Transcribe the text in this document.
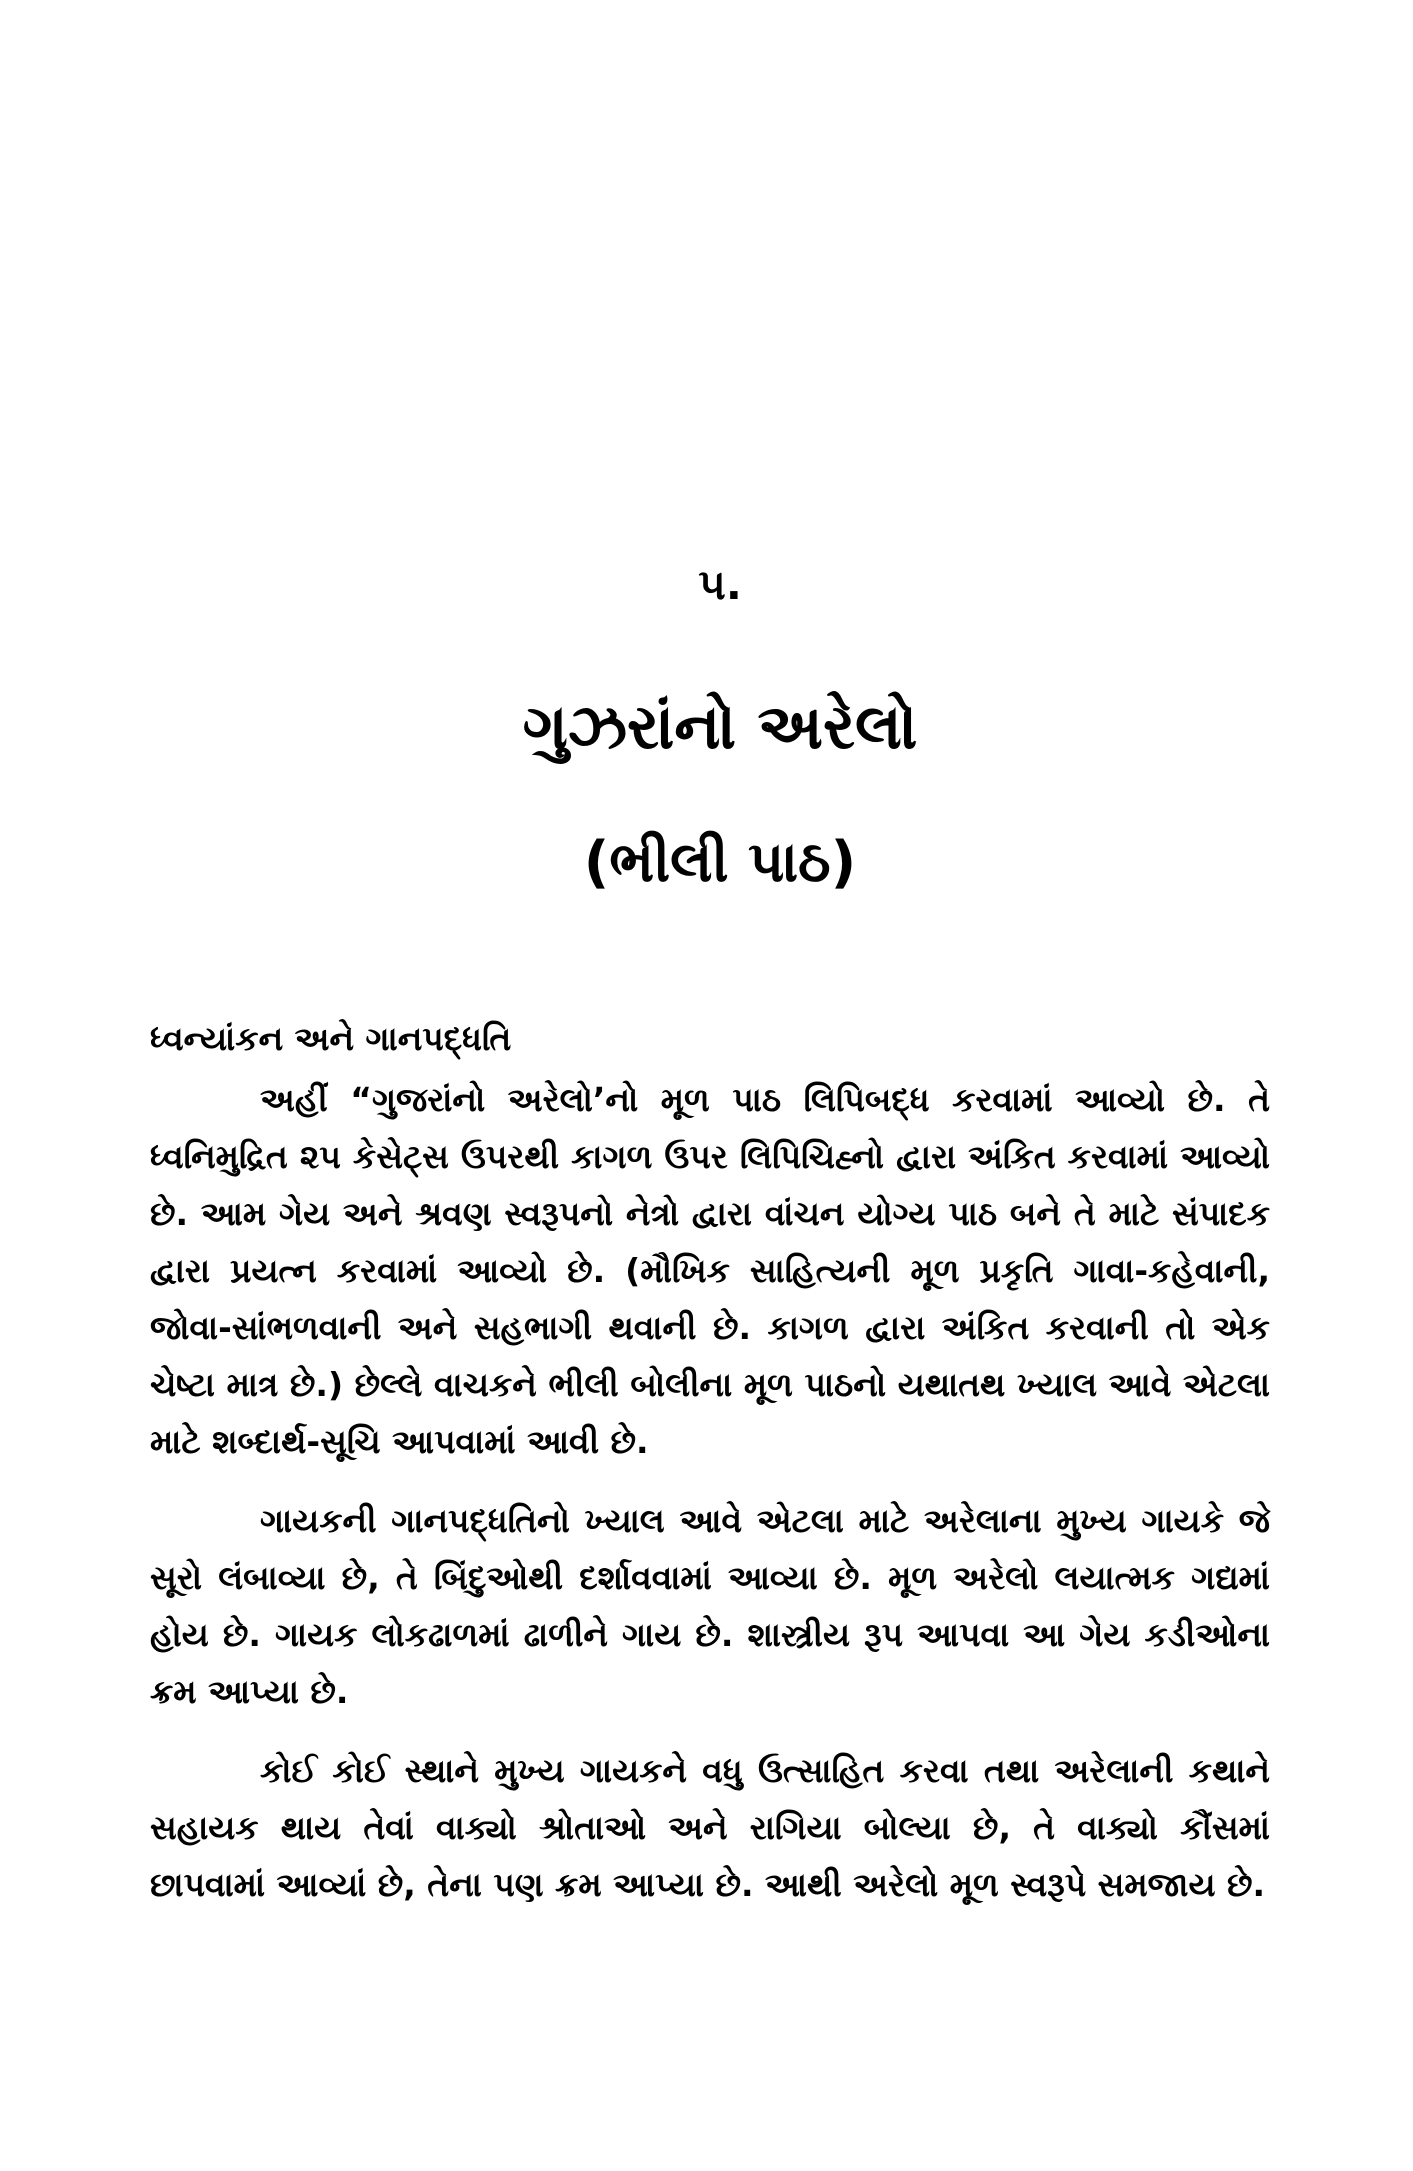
૫.
ગુઝરાંનો અરેલો
(ભીલી પાઠ)
ધ્વન્યાંકન અને ગાનપદ્ધતિ

અહીં “ગુજરાંનો અરેલો’નો મૂળ પાઠ લિપિબદ્ધ કરવામાં આવ્યો છે. તે ધ્વનિમુદ્રિત ૨૫ કેસેટ્સ ઉપરથી કાગળ ઉપર લિપિચિહ્નો દ્વારા અંકિત કરવામાં આવ્યો છે. આમ ગેય અને શ્રવણ સ્વરૂપનો નેત્રો દ્વારા વાંચન યોગ્ય પાઠ બને તે માટે સંપાદક દ્વારા પ્રયત્ન કરવામાં આવ્યો છે. (મૌખિક સાહિત્યની મૂળ પ્રકૃતિ ગાવા-કહેવાની, જોવા-સાંભળવાની અને સહભાગી થવાની છે. કાગળ દ્વારા અંકિત કરવાની તો એક ચેષ્ટા માત્ર છે.) છેલ્લે વાચકને ભીલી બોલીના મૂળ પાઠનો યથાતથ ખ્યાલ આવે એટલા માટે શબ્દાર્થ-સૂચિ આપવામાં આવી છે.

ગાયકની ગાનપદ્ધતિનો ખ્યાલ આવે એટલા માટે અરેલાના મુખ્ય ગાયકે જે સૂરો લંબાવ્યા છે, તે બિંદુઓથી દર્શાવવામાં આવ્યા છે. મૂળ અરેલો લયાત્મક ગદ્યમાં હોય છે. ગાયક લોકઢાળમાં ઢાળીને ગાય છે. શાસ્ત્રીય રૂપ આપવા આ ગેય કડીઓના ક્રમ આપ્યા છે.

કોઈ કોઈ સ્થાને મુખ્ય ગાયકને વધુ ઉત્સાહિત કરવા તથા અરેલાની કથાને સહાયક થાય તેવાં વાક્યો શ્રોતાઓ અને રાગિયા બોલ્યા છે, તે વાક્યો કૌંસમાં છાપવામાં આવ્યાં છે, તેના પણ ક્રમ આપ્યા છે. આથી અરેલો મૂળ સ્વરૂપે સમજાય છે.
